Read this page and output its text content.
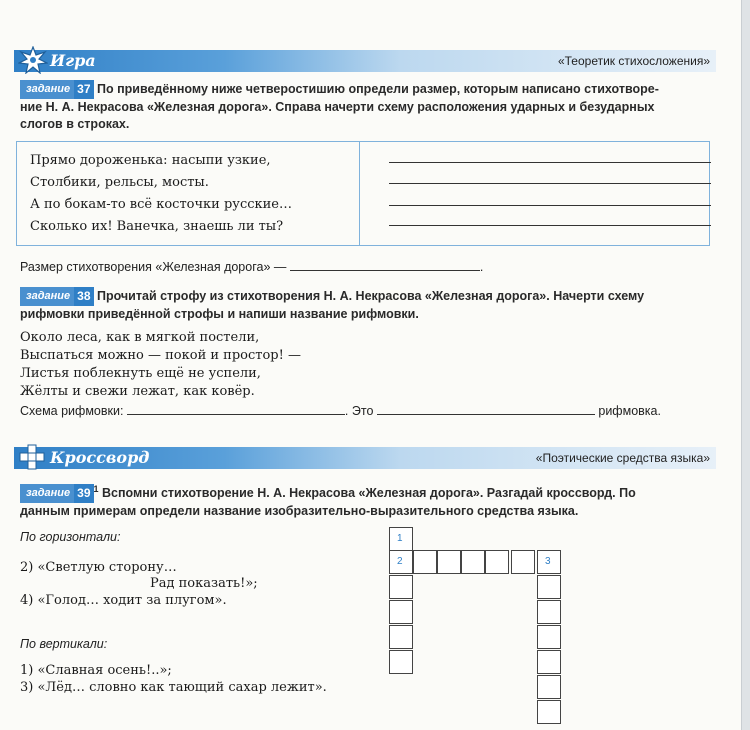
Игра	«Теоретик стихосложения»
задание 37 По приведённому ниже четверостишию определи размер, которым написано стихотворе-
ние Н. А. Некрасова «Железная дорога». Справа начерти схему расположения ударных и безударных
слогов в строках.
Прямо дороженька: насыпи узкие,
Столбики, рельсы, мосты.
А по бокам-то всё косточки русские…
Сколько их! Ванечка, знаешь ли ты?
Размер стихотворения «Железная дорога» —	.
задание 38 Прочитай строфу из стихотворения Н. А. Некрасова «Железная дорога». Начерти схему
рифмовки приведённой строфы и напиши название рифмовки.
Около леса, как в мягкой постели,
Выспаться можно — покой и простор! —
Листья поблекнуть ещё не успели,
Жёлты и свежи лежат, как ковёр.
Схема рифмовки:	. Это	рифмовка.
Кроссворд	«Поэтические средства языка»
задание 39 $^1$ Вспомни стихотворение Н. А. Некрасова «Железная дорога». Разгадай кроссворд. По
данным примерам определи название изобразительно-выразительного средства языка.
По горизонтали:
2) «Светлую сторону…
Рад показать!»;
4) «Голод… ходит за плугом».
По вертикали:
1) «Славная осень!..»;
3) «Лёд… словно как тающий сахар лежит».
1
2	3
